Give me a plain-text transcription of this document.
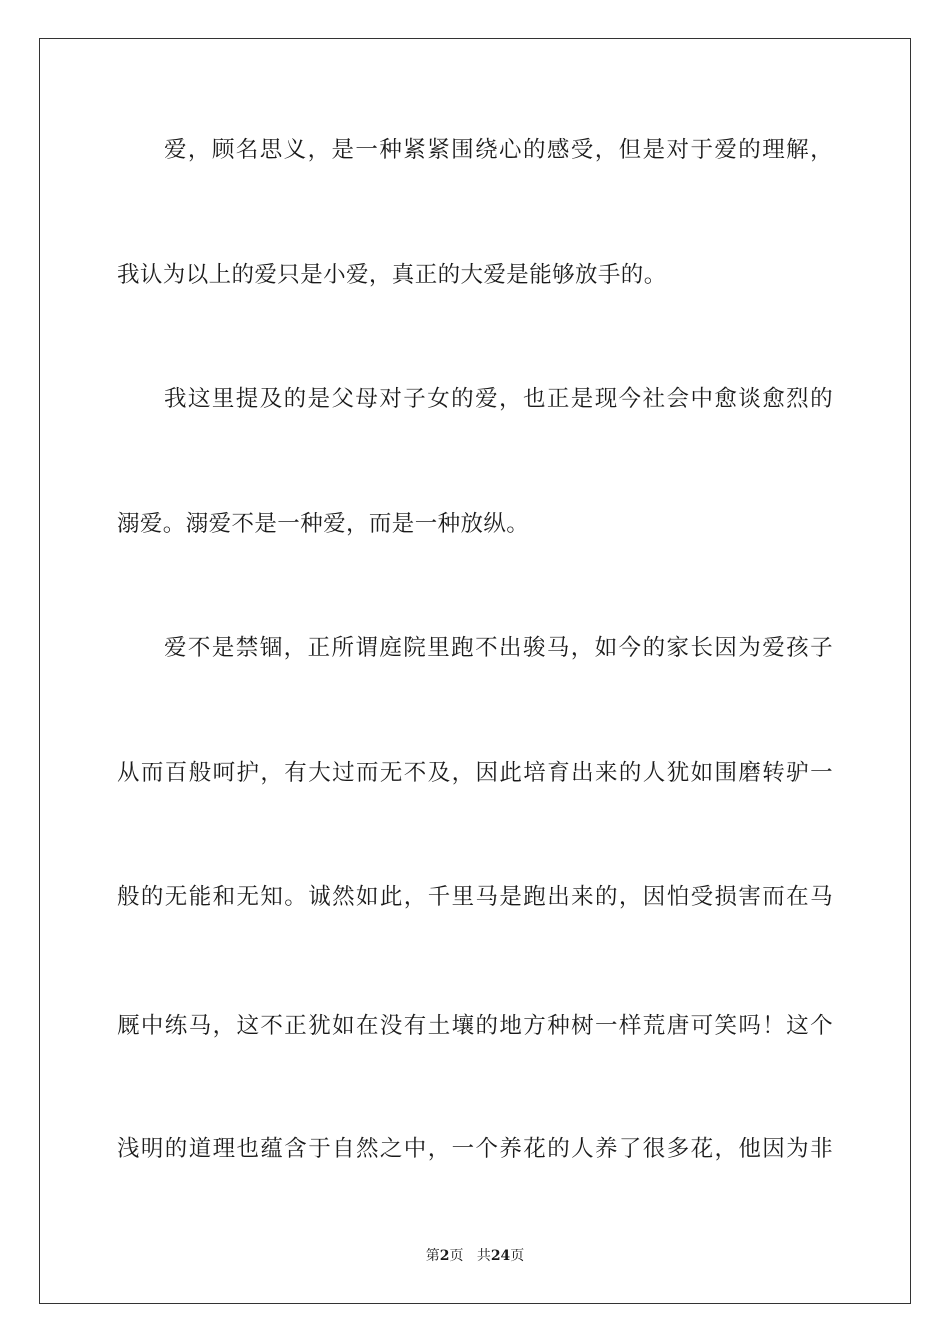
爱，顾名思义，是一种紧紧围绕心的感受，但是对于爱的理解，
我认为以上的爱只是小爱，真正的大爱是能够放手的。
我这里提及的是父母对子女的爱，也正是现今社会中愈谈愈烈的
溺爱。溺爱不是一种爱，而是一种放纵。
爱不是禁锢，正所谓庭院里跑不出骏马，如今的家长因为爱孩子
从而百般呵护，有大过而无不及，因此培育出来的人犹如围磨转驴一
般的无能和无知。诚然如此，千里马是跑出来的，因怕受损害而在马
厩中练马，这不正犹如在没有土壤的地方种树一样荒唐可笑吗！这个
浅明的道理也蕴含于自然之中，一个养花的人养了很多花，他因为非
第2页 共24页
